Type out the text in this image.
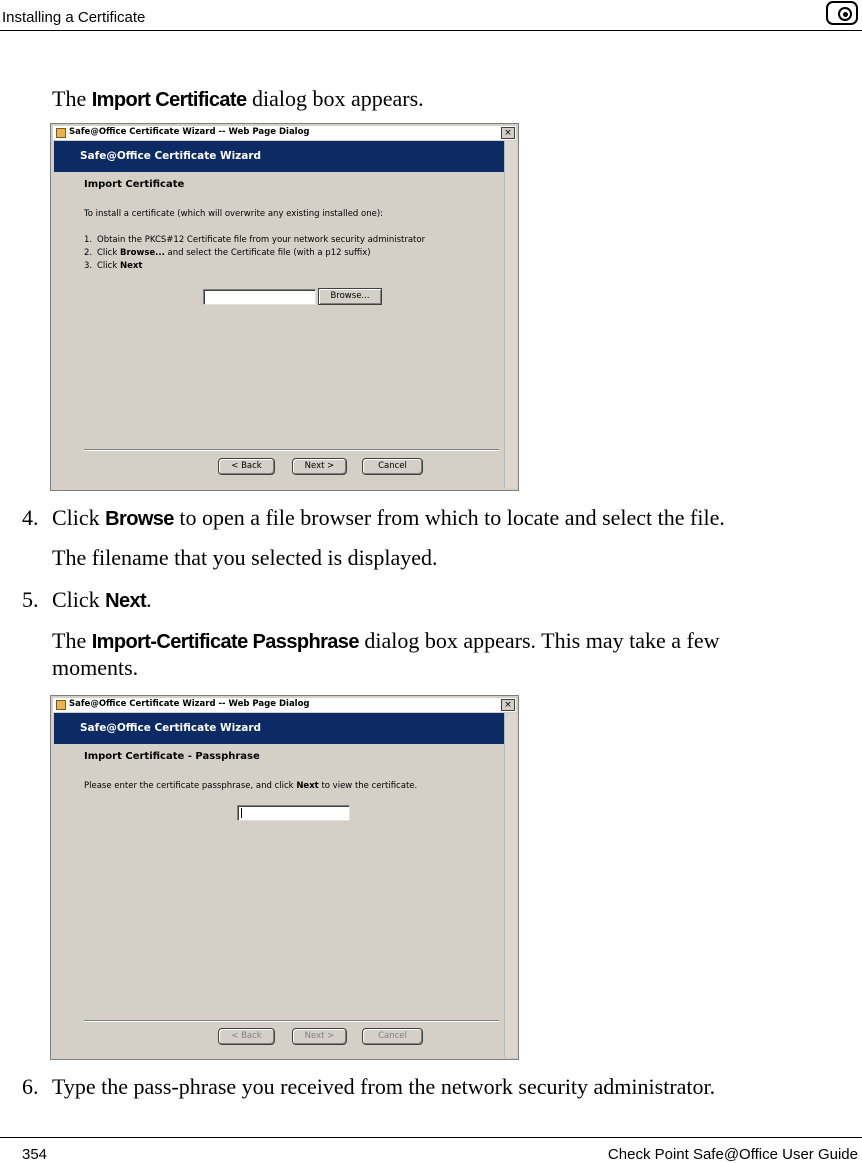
Installing a Certificate
The Import Certificate dialog box appears.
Safe@Office Certificate Wizard -- Web Page Dialog	×
Safe@Office Certificate Wizard
Import Certificate
To install a certificate (which will overwrite any existing installed one):
1. Obtain the PKCS#12 Certificate file from your network security administrator
2. Click Browse... and select the Certificate file (with a p12 suffix)
3. Click Next
Browse...
< Back	Next >	Cancel
4. Click Browse to open a file browser from which to locate and select the file.
The filename that you selected is displayed.
5. Click Next.
The Import-Certificate Passphrase dialog box appears. This may take a few
moments.
Safe@Office Certificate Wizard -- Web Page Dialog	×
Safe@Office Certificate Wizard
Import Certificate - Passphrase
Please enter the certificate passphrase, and click Next to view the certificate.
< Back	Next >	Cancel
6. Type the pass-phrase you received from the network security administrator.
354	Check Point Safe@Office User Guide
